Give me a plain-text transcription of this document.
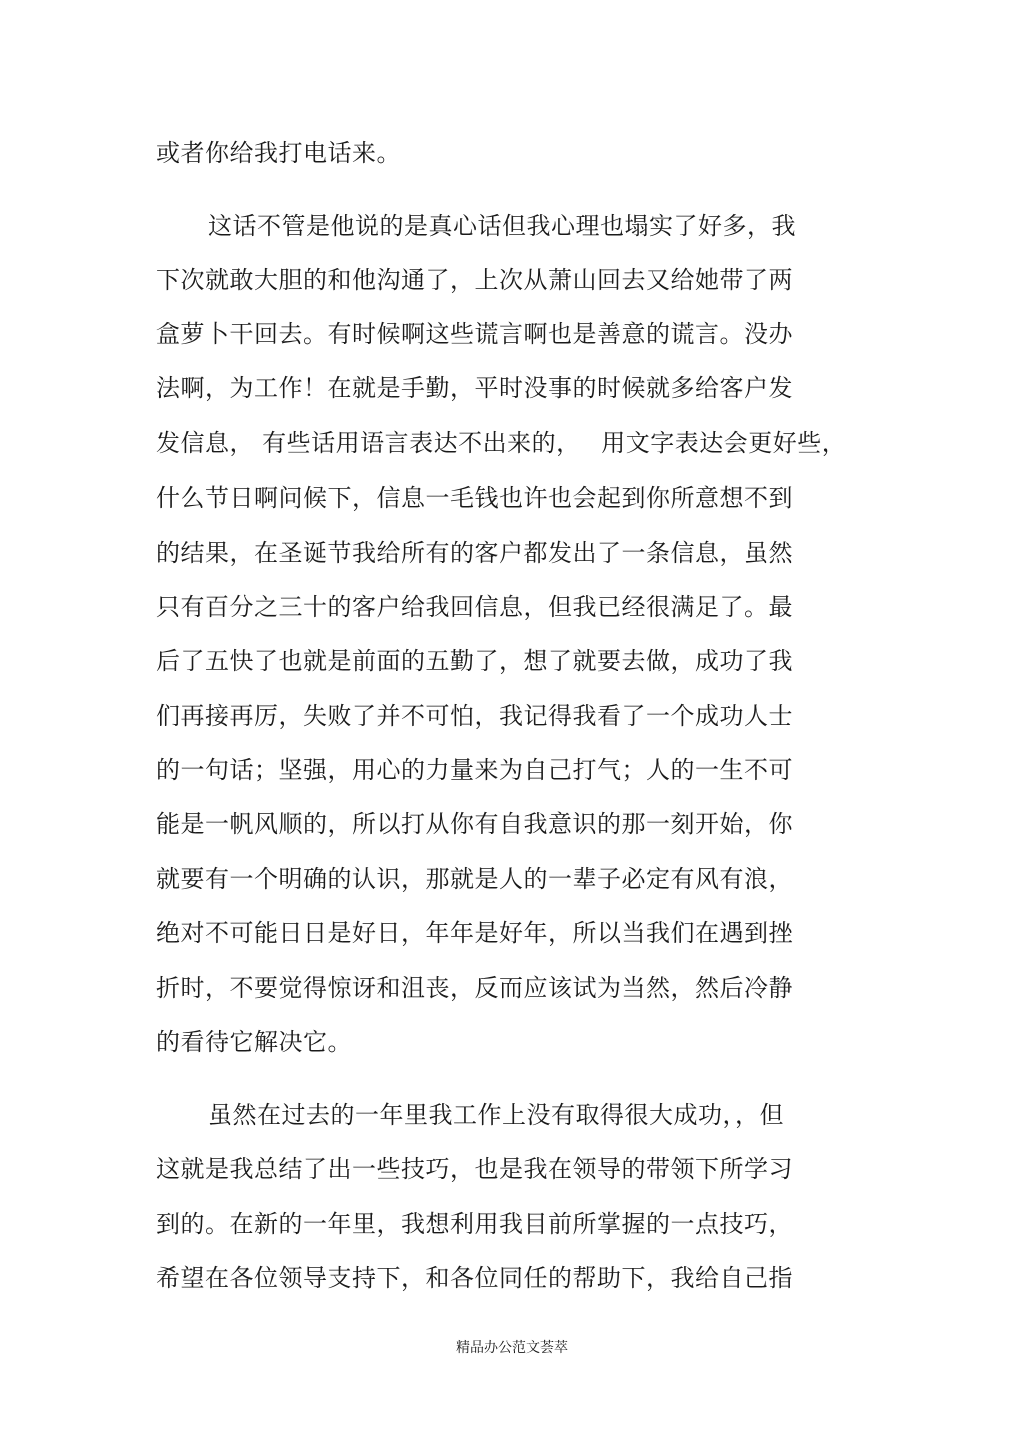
或者你给我打电话来。
这话不管是他说的是真心话但我心理也塌实了好多，我
下次就敢大胆的和他沟通了，上次从萧山回去又给她带了两
盒萝卜干回去。有时候啊这些谎言啊也是善意的谎言。没办
法啊，为工作！在就是手勤，平时没事的时候就多给客户发
发信息， 有些话用语言表达不出来的，　 用文字表达会更好些，
什么节日啊问候下，信息一毛钱也许也会起到你所意想不到
的结果，在圣诞节我给所有的客户都发出了一条信息，虽然
只有百分之三十的客户给我回信息，但我已经很满足了。最
后了五快了也就是前面的五勤了，想了就要去做，成功了我
们再接再厉，失败了并不可怕，我记得我看了一个成功人士
的一句话；坚强，用心的力量来为自己打气；人的一生不可
能是一帆风顺的，所以打从你有自我意识的那一刻开始，你
就要有一个明确的认识，那就是人的一辈子必定有风有浪，
绝对不可能日日是好日，年年是好年，所以当我们在遇到挫
折时，不要觉得惊讶和沮丧，反而应该试为当然，然后冷静
的看待它解决它。
虽然在过去的一年里我工作上没有取得很大成功，，但
这就是我总结了出一些技巧，也是我在领导的带领下所学习
到的。在新的一年里，我想利用我目前所掌握的一点技巧，
希望在各位领导支持下，和各位同任的帮助下，我给自己指
精品办公范文荟萃
